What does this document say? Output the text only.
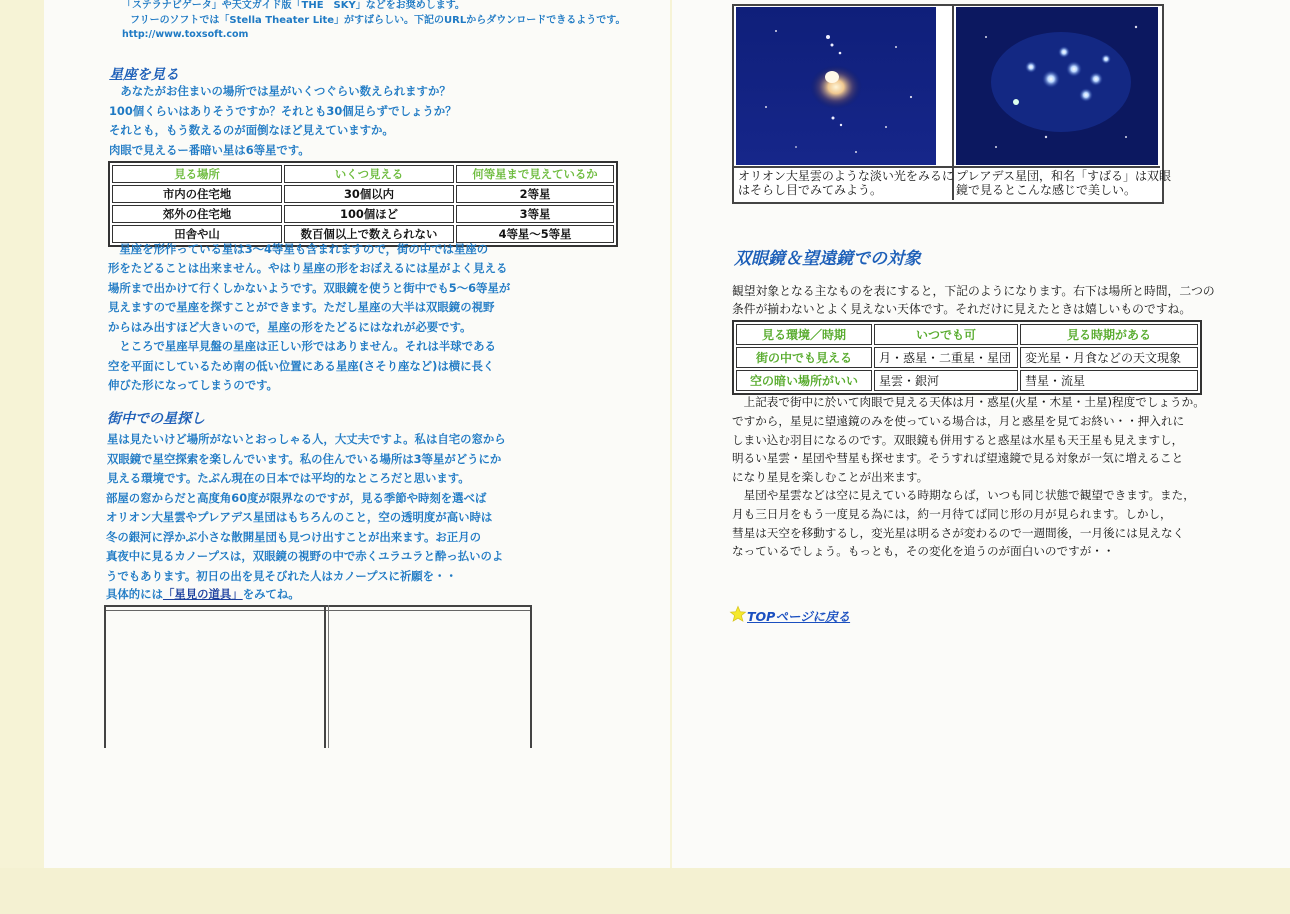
「ステラナビゲータ」や天文ガイド版「THE　SKY」などをお奨めします。
フリーのソフトでは「Stella Theater Lite」がすばらしい。下記のURLからダウンロードできるようです。
http://www.toxsoft.com
星座を見る
　あなたがお住まいの場所では星がいくつぐらい数えられますか？
100個くらいはありそうですか？それとも30個足らずでしょうか？
それとも，もう数えるのが面倒なほど見えていますか。
肉眼で見えるー番暗い星は6等星です。
見る場所	いくつ見える	何等星まで見えているか
市内の住宅地	30個以内	2等星
郊外の住宅地	100個ほど	3等星
田舎や山	数百個以上で数えられない	4等星～5等星
　星座を形作っている星は3～4等星も含まれますので，街の中では星座の
形をたどることは出来ません。やはり星座の形をおぼえるには星がよく見える
場所まで出かけて行くしかないようです。双眼鏡を使うと街中でも5～6等星が
見えますので星座を探すことができます。ただし星座の大半は双眼鏡の視野
からはみ出すほど大きいので，星座の形をたどるにはなれが必要です。
　ところで星座早見盤の星座は正しい形ではありません。それは半球である
空を平面にしているため南の低い位置にある星座(さそり座など)は横に長く
伸びた形になってしまうのです。
街中での星探し
星は見たいけど場所がないとおっしゃる人，大丈夫ですよ。私は自宅の窓から
双眼鏡で星空探索を楽しんでいます。私の住んでいる場所は3等星がどうにか
見える環境です。たぶん現在の日本では平均的なところだと思います。
部屋の窓からだと高度角60度が限界なのですが，見る季節や時刻を選べば
オリオン大星雲やプレアデス星団はもちろんのこと，空の透明度が高い時は
冬の銀河に浮かぶ小さな散開星団も見つけ出すことが出来ます。お正月の
真夜中に見るカノープスは，双眼鏡の視野の中で赤くユラユラと酔っ払いのよ
うでもあります。初日の出を見そびれた人はカノープスに祈願を・・
具体的には「星見の道具」をみてね。
オリオン大星雲のような淡い光をみるに
はそらし目でみてみよう。
プレアデス星団，和名「すばる」は双眼
鏡で見るとこんな感じで美しい。
双眼鏡＆望遠鏡での対象
観望対象となる主なものを表にすると，下記のようになります。右下は場所と時間，二つの
条件が揃わないとよく見えない天体です。それだけに見えたときは嬉しいものですね。
見る環境／時期	いつでも可	見る時期がある
街の中でも見える	月・惑星・二重星・星団	変光星・月食などの天文現象
空の暗い場所がいい	星雲・銀河	彗星・流星
　上記表で街中に於いて肉眼で見える天体は月・惑星(火星・木星・土星)程度でしょうか。
ですから，星見に望遠鏡のみを使っている場合は，月と惑星を見てお終い・・押入れに
しまい込む羽目になるのです。双眼鏡も併用すると惑星は水星も天王星も見えますし，
明るい星雲・星団や彗星も探せます。そうすれば望遠鏡で見る対象が一気に増えること
になり星見を楽しむことが出来ます。
　星団や星雲などは空に見えている時期ならば，いつも同じ状態で観望できます。また，
月も三日月をもう一度見る為には，約一月待てば同じ形の月が見られます。しかし，
彗星は天空を移動するし，変光星は明るさが変わるので一週間後，一月後には見えなく
なっているでしょう。もっとも，その変化を追うのが面白いのですが・・
TOPページに戻る
